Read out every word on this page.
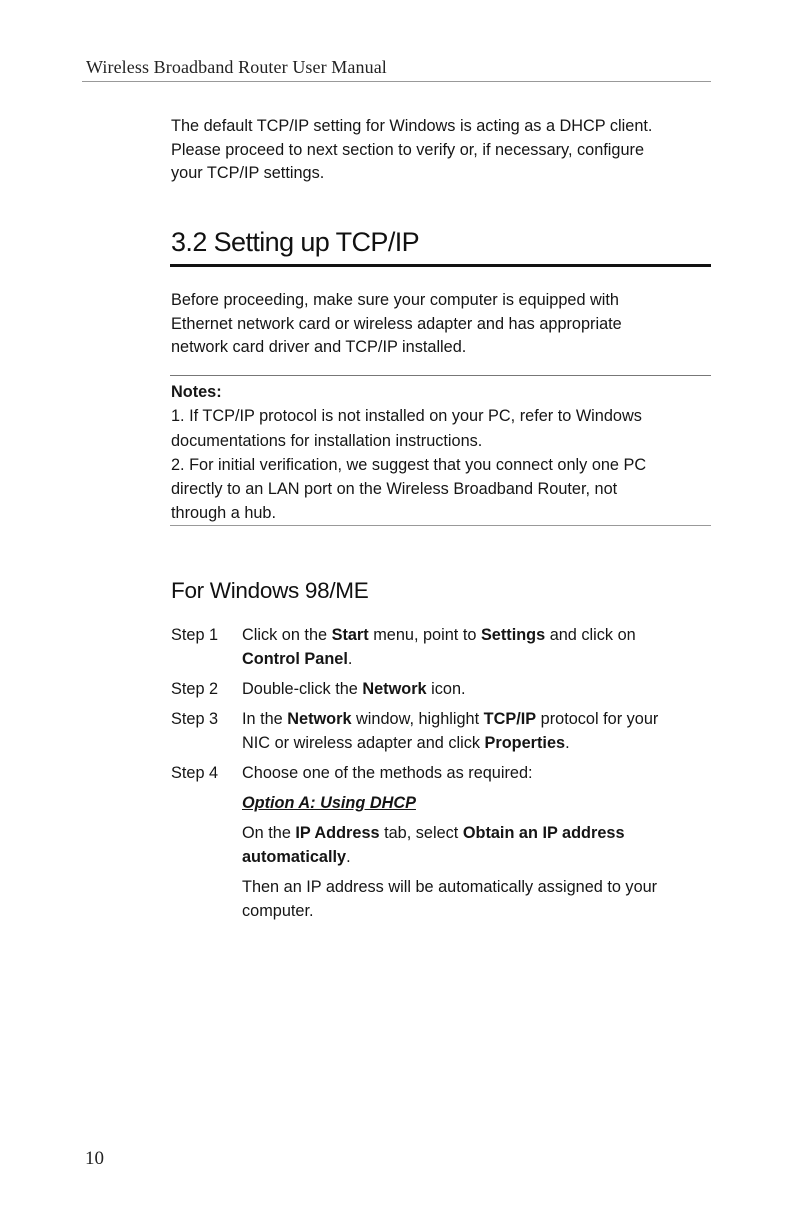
Wireless Broadband Router User Manual
The default TCP/IP setting for Windows is acting as a DHCP client.
Please proceed to next section to verify or, if necessary, configure
your TCP/IP settings.
3.2 Setting up TCP/IP
Before proceeding, make sure your computer is equipped with
Ethernet network card or wireless adapter and has appropriate
network card driver and TCP/IP installed.
Notes:
1. If TCP/IP protocol is not installed on your PC, refer to Windows
documentations for installation instructions.
2. For initial verification, we suggest that you connect only one PC
directly to an LAN port on the Wireless Broadband Router, not
through a hub.
For Windows 98/ME
Step 1	Click on the Start menu, point to Settings and click on
Control Panel.
Step 2	Double-click the Network icon.
Step 3	In the Network window, highlight TCP/IP protocol for your
NIC or wireless adapter and click Properties.
Step 4	Choose one of the methods as required:
Option A: Using DHCP
On the IP Address tab, select Obtain an IP address
automatically.
Then an IP address will be automatically assigned to your
computer.
10
